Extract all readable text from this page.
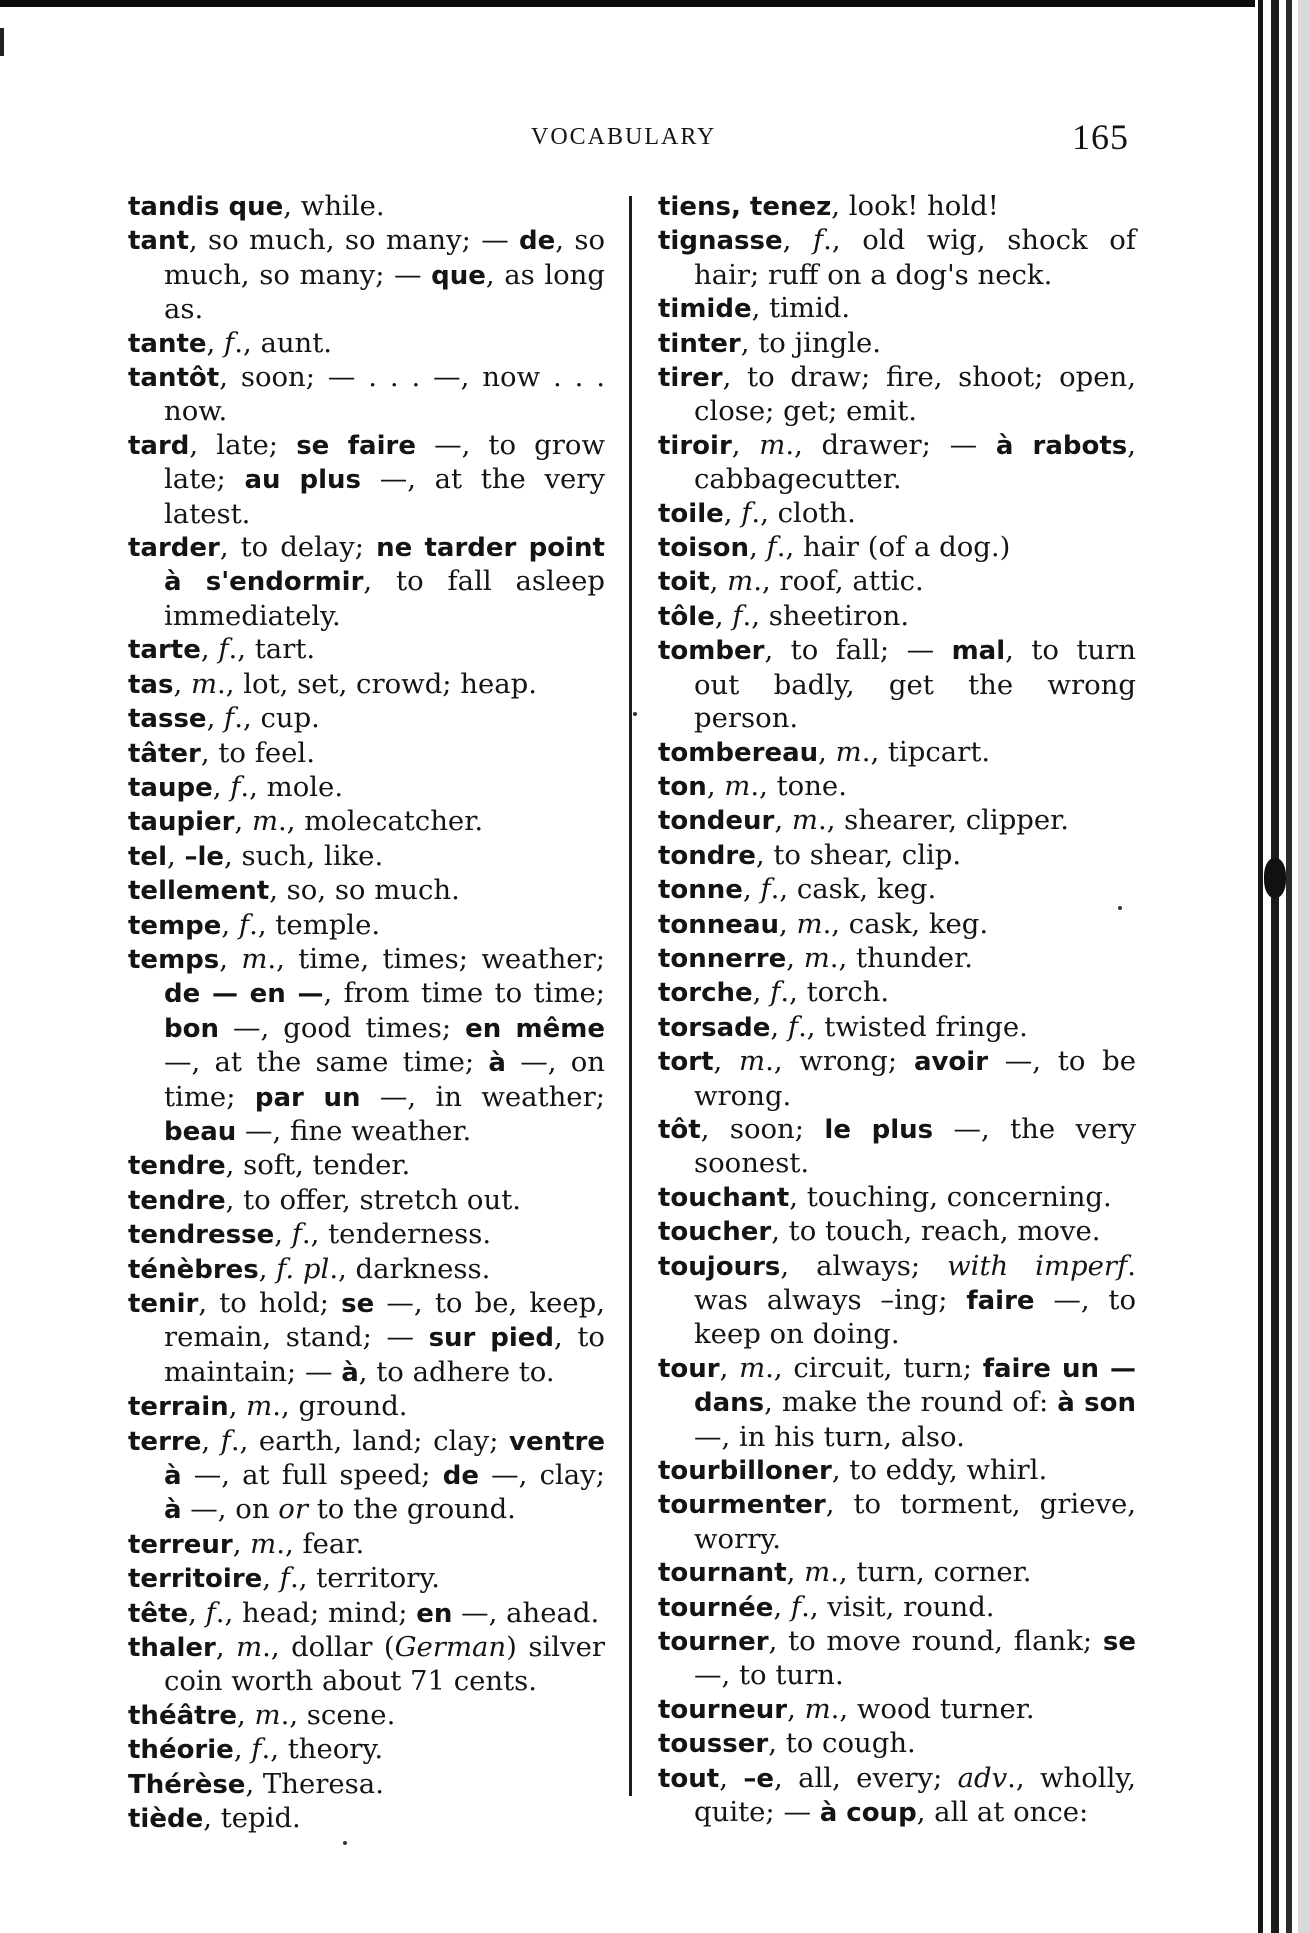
VOCABULARY	165
tandis que, while.
tant, so much, so many; — de, so much, so many; — que, as long as.
tante, f., aunt.
tantôt, soon; — . . . —, now . . . now.
tard, late; se faire —, to grow late; au plus —, at the very latest.
tarder, to delay; ne tarder point à s'endormir, to fall asleep immediately.
tarte, f., tart.
tas, m., lot, set, crowd; heap.
tasse, f., cup.
tâter, to feel.
taupe, f., mole.
taupier, m., molecatcher.
tel, –le, such, like.
tellement, so, so much.
tempe, f., temple.
temps, m., time, times; weather; de — en —, from time to time; bon —, good times; en même —, at the same time; à —, on time; par un —, in weather; beau —, fine weather.
tendre, soft, tender.
tendre, to offer, stretch out.
tendresse, f., tenderness.
ténèbres, f. pl., darkness.
tenir, to hold; se —, to be, keep, remain, stand; — sur pied, to maintain; — à, to adhere to.
terrain, m., ground.
terre, f., earth, land; clay; ventre à —, at full speed; de —, clay; à —, on or to the ground.
terreur, m., fear.
territoire, f., territory.
tête, f., head; mind; en —, ahead.
thaler, m., dollar (German) silver coin worth about 71 cents.
théâtre, m., scene.
théorie, f., theory.
Thérèse, Theresa.
tiède, tepid.
tiens, tenez, look! hold!
tignasse, f., old wig, shock of hair; ruff on a dog's neck.
timide, timid.
tinter, to jingle.
tirer, to draw; fire, shoot; open, close; get; emit.
tiroir, m., drawer; — à rabots, cabbagecutter.
toile, f., cloth.
toison, f., hair (of a dog.)
toit, m., roof, attic.
tôle, f., sheetiron.
tomber, to fall; — mal, to turn out badly, get the wrong person.
tombereau, m., tipcart.
ton, m., tone.
tondeur, m., shearer, clipper.
tondre, to shear, clip.
tonne, f., cask, keg.
tonneau, m., cask, keg.
tonnerre, m., thunder.
torche, f., torch.
torsade, f., twisted fringe.
tort, m., wrong; avoir —, to be wrong.
tôt, soon; le plus —, the very soonest.
touchant, touching, concerning.
toucher, to touch, reach, move.
toujours, always; with imperf. was always –ing; faire —, to keep on doing.
tour, m., circuit, turn; faire un — dans, make the round of: à son —, in his turn, also.
tourbilloner, to eddy, whirl.
tourmenter, to torment, grieve, worry.
tournant, m., turn, corner.
tournée, f., visit, round.
tourner, to move round, flank; se —, to turn.
tourneur, m., wood turner.
tousser, to cough.
tout, –e, all, every; adv., wholly, quite; — à coup, all at once:
